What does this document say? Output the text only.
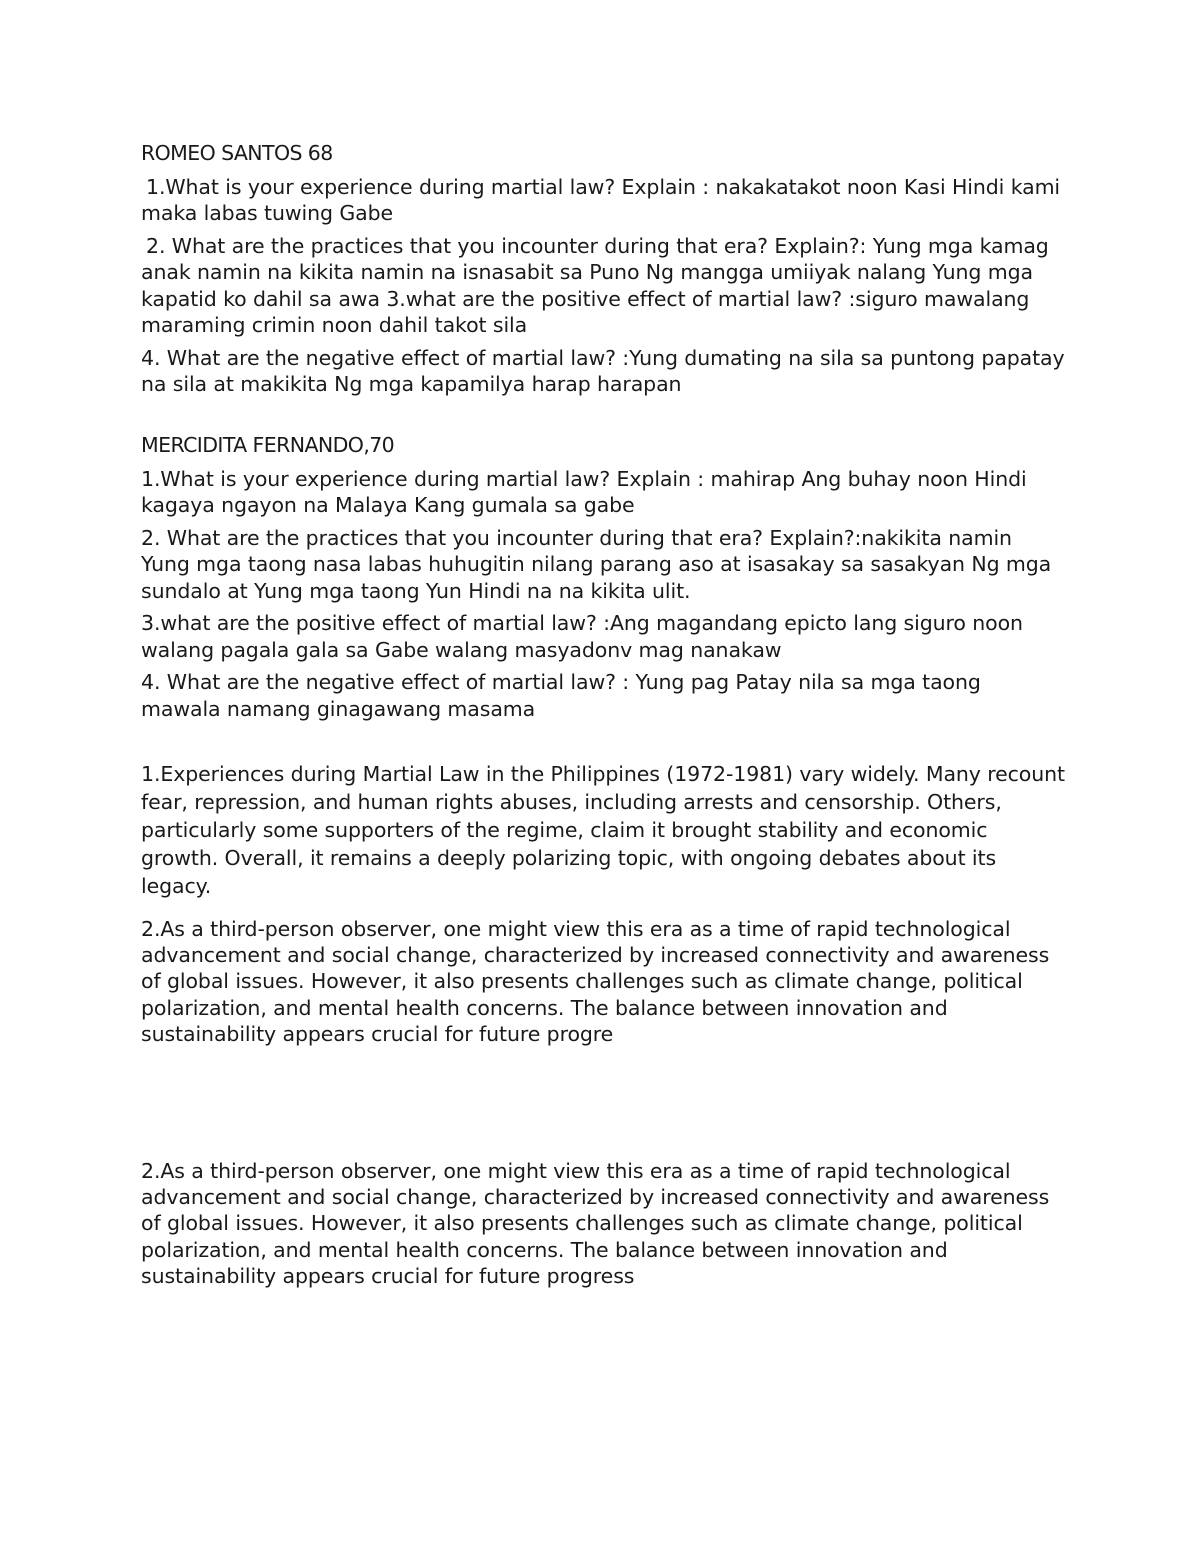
ROMEO SANTOS 68

1.What is your experience during martial law? Explain : nakakatakot noon Kasi Hindi kami maka labas tuwing Gabe

2. What are the practices that you incounter during that era? Explain?: Yung mga kamag anak namin na kikita namin na isnasabit sa Puno Ng mangga umiiyak nalang Yung mga kapatid ko dahil sa awa 3.what are the positive effect of martial law? :siguro mawalang maraming crimin noon dahil takot sila

4. What are the negative effect of martial law? :Yung dumating na sila sa puntong papatay na sila at makikita Ng mga kapamilya harap harapan

MERCIDITA FERNANDO,70

1.What is your experience during martial law? Explain : mahirap Ang buhay noon Hindi kagaya ngayon na Malaya Kang gumala sa gabe

2. What are the practices that you incounter during that era? Explain?:nakikita namin Yung mga taong nasa labas huhugitin nilang parang aso at isasakay sa sasakyan Ng mga sundalo at Yung mga taong Yun Hindi na na kikita ulit.

3.what are the positive effect of martial law? :Ang magandang epicto lang siguro noon walang pagala gala sa Gabe walang masyadonv mag nanakaw

4. What are the negative effect of martial law? : Yung pag Patay nila sa mga taong mawala namang ginagawang masama

1.Experiences during Martial Law in the Philippines (1972-1981) vary widely. Many recount fear, repression, and human rights abuses, including arrests and censorship. Others, particularly some supporters of the regime, claim it brought stability and economic growth. Overall, it remains a deeply polarizing topic, with ongoing debates about its legacy.

2.As a third-person observer, one might view this era as a time of rapid technological advancement and social change, characterized by increased connectivity and awareness of global issues. However, it also presents challenges such as climate change, political polarization, and mental health concerns. The balance between innovation and sustainability appears crucial for future progre

2.As a third-person observer, one might view this era as a time of rapid technological advancement and social change, characterized by increased connectivity and awareness of global issues. However, it also presents challenges such as climate change, political polarization, and mental health concerns. The balance between innovation and sustainability appears crucial for future progress
